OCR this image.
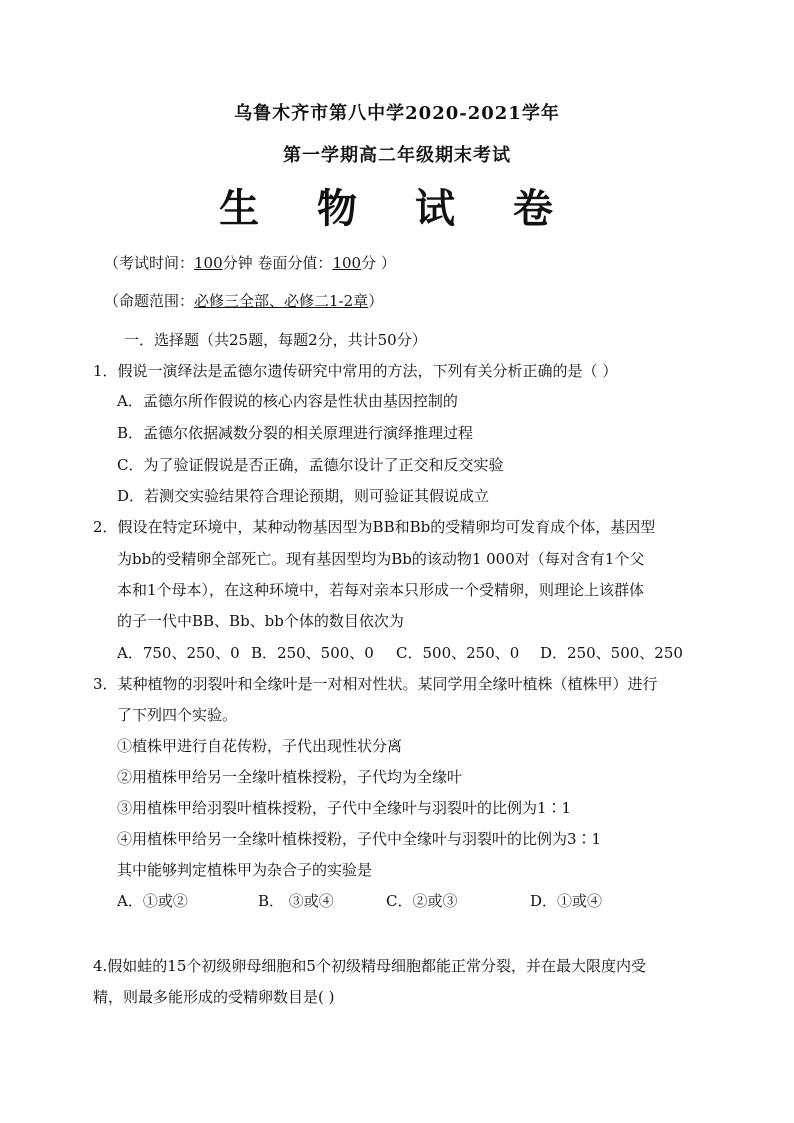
乌鲁木齐市第八中学2020-2021学年
第一学期高二年级期末考试
生 物 试 卷
（考试时间：100分钟 卷面分值：100分 ）
（命题范围：必修三全部、必修二1-2章）
一．选择题（共25题，每题2分，共计50分）
1．假说一演绎法是孟德尔遗传研究中常用的方法，下列有关分析正确的是（ ）
A．孟德尔所作假说的核心内容是性状由基因控制的
B．孟德尔依据减数分裂的相关原理进行演绎推理过程
C．为了验证假说是否正确，孟德尔设计了正交和反交实验
D．若测交实验结果符合理论预期，则可验证其假说成立
2．假设在特定环境中，某种动物基因型为BB和Bb的受精卵均可发育成个体，基因型
为bb的受精卵全部死亡。现有基因型均为Bb的该动物1 000对（每对含有1个父
本和1个母本），在这种环境中，若每对亲本只形成一个受精卵，则理论上该群体
的子一代中BB、Bb、bb个体的数目依次为
A．750、250、0 B．250、500、0 C．500、250、0 D．250、500、250
3．某种植物的羽裂叶和全缘叶是一对相对性状。某同学用全缘叶植株（植株甲）进行
了下列四个实验。
①植株甲进行自花传粉，子代出现性状分离
②用植株甲给另一全缘叶植株授粉，子代均为全缘叶
③用植株甲给羽裂叶植株授粉，子代中全缘叶与羽裂叶的比例为1∶1
④用植株甲给另一全缘叶植株授粉，子代中全缘叶与羽裂叶的比例为3∶1
其中能够判定植株甲为杂合子的实验是
A．①或②	B． ③或④	C．②或③	D．①或④
4.假如蛙的15个初级卵母细胞和5个初级精母细胞都能正常分裂，并在最大限度内受
精，则最多能形成的受精卵数目是( )
